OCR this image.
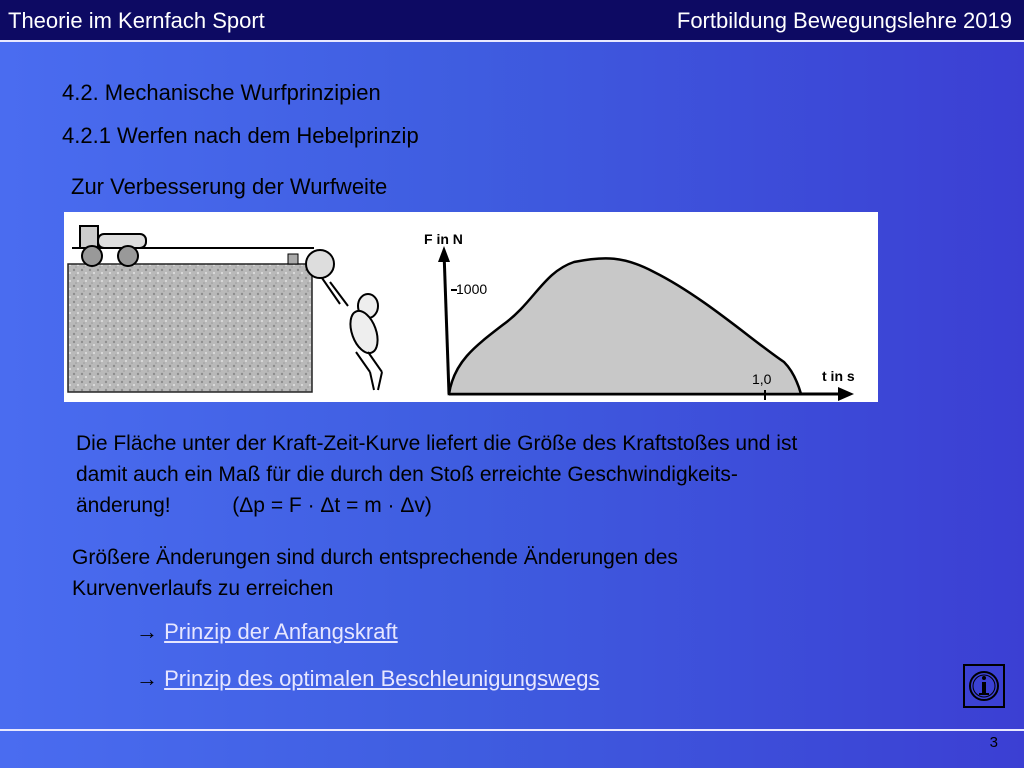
Theorie im Kernfach Sport	Fortbildung Bewegungslehre 2019
4.2. Mechanische Wurfprinzipien
4.2.1 Werfen nach dem Hebelprinzip
Zur Verbesserung der Wurfweite
F in N
1000
t in s
1,0
Die Fläche unter der Kraft-Zeit-Kurve liefert die Größe des Kraftstoßes und ist
damit auch ein Maß für die durch den Stoß erreichte Geschwindigkeits-
änderung!	(Δp = F · Δt = m · Δv)
Größere Änderungen sind durch entsprechende Änderungen des
Kurvenverlaufs zu erreichen
→ Prinzip der Anfangskraft
→ Prinzip des optimalen Beschleunigungswegs
3
